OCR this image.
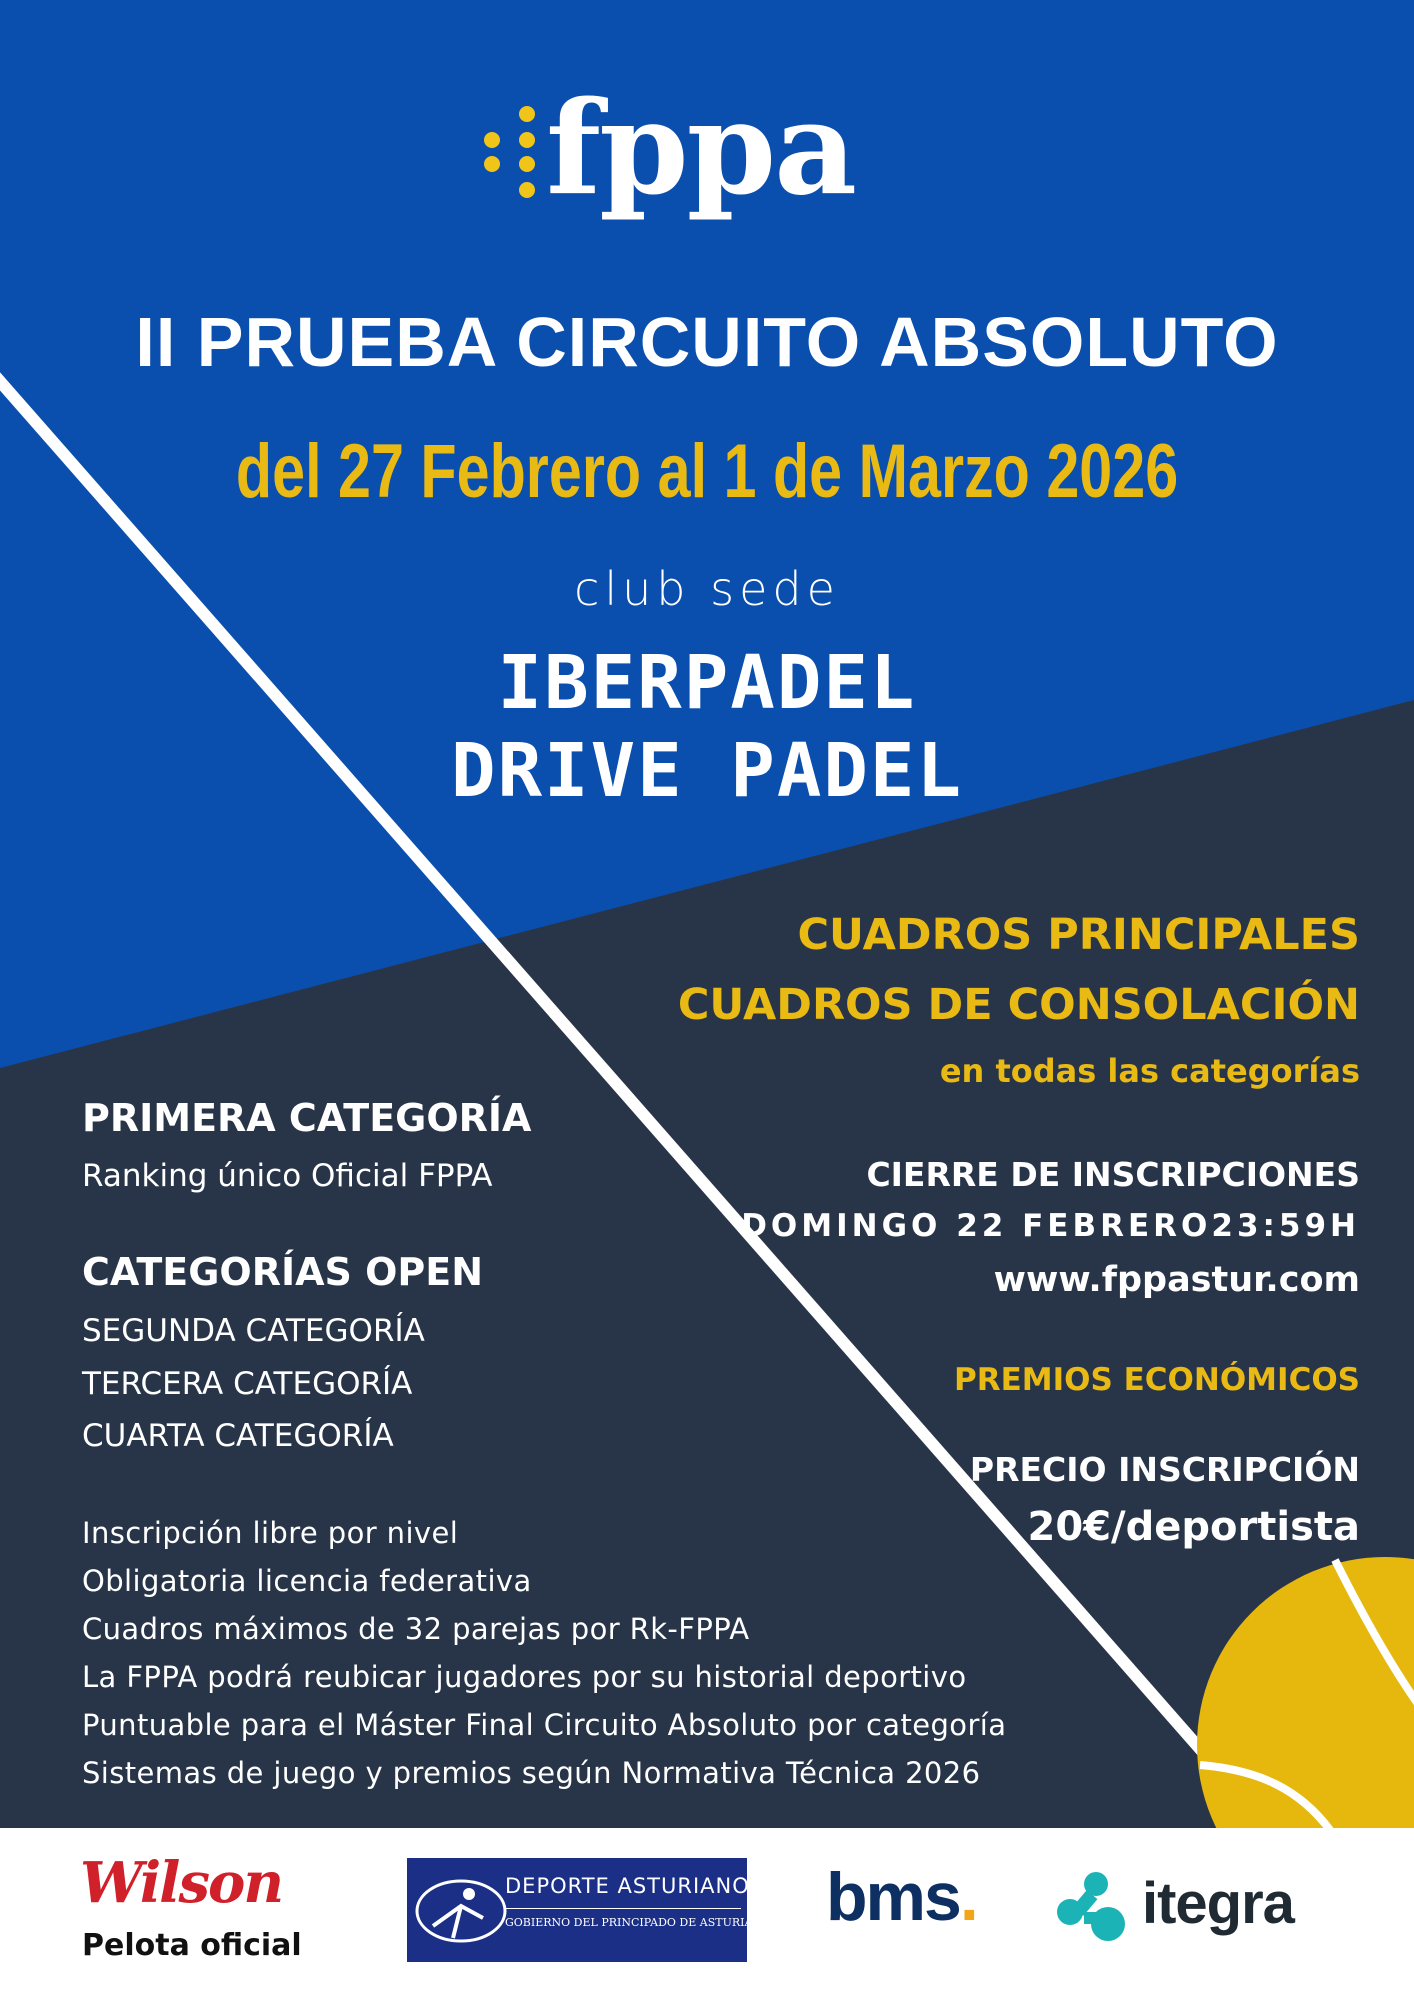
fppa
II PRUEBA CIRCUITO ABSOLUTO
del 27 Febrero al 1 de Marzo 2026
club sede
IBERPADEL
DRIVE PADEL
CUADROS PRINCIPALES
CUADROS DE CONSOLACIÓN
en todas las categorías
CIERRE DE INSCRIPCIONES
DOMINGO 22 FEBRERO23:59H
www.fppastur.com
PREMIOS ECONÓMICOS
PRECIO INSCRIPCIÓN
20€/deportista
PRIMERA CATEGORÍA
Ranking único Oficial FPPA
CATEGORÍAS OPEN
SEGUNDA CATEGORÍA
TERCERA CATEGORÍA
CUARTA CATEGORÍA
Inscripción libre por nivel
Obligatoria licencia federativa
Cuadros máximos de 32 parejas por Rk-FPPA
La FPPA podrá reubicar jugadores por su historial deportivo
Puntuable para el Máster Final Circuito Absoluto por categoría
Sistemas de juego y premios según Normativa Técnica 2026
Wilson
Pelota oficial
DEPORTE ASTURIANO
GOBIERNO DEL PRINCIPADO DE ASTURIAS bms.	itegra
